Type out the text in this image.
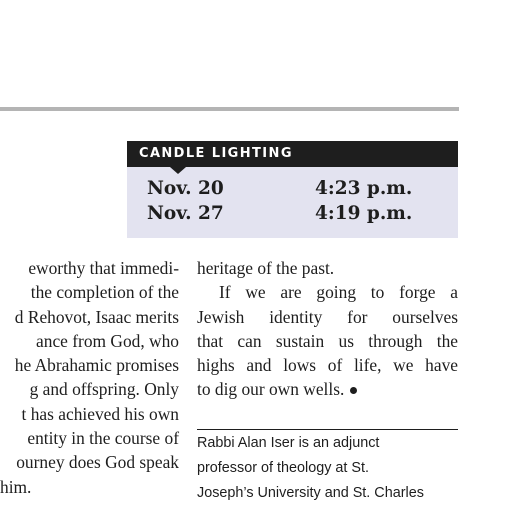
CANDLE LIGHTING
Nov. 20	4:23 p.m.
Nov. 27	4:19 p.m.
eworthy that immedi-
the completion of the
d Rehovot, Isaac merits
ance from God, who
he Abrahamic promises
g and offspring. Only
t has achieved his own
entity in the course of
ourney does God speak
him.
heritage of the past.
If we are going to forge a
Jewish identity for ourselves
that can sustain us through the
highs and lows of life, we have
to dig our own wells.
Rabbi Alan Iser is an adjunct
professor of theology at St.
Joseph’s University and St. Charles
